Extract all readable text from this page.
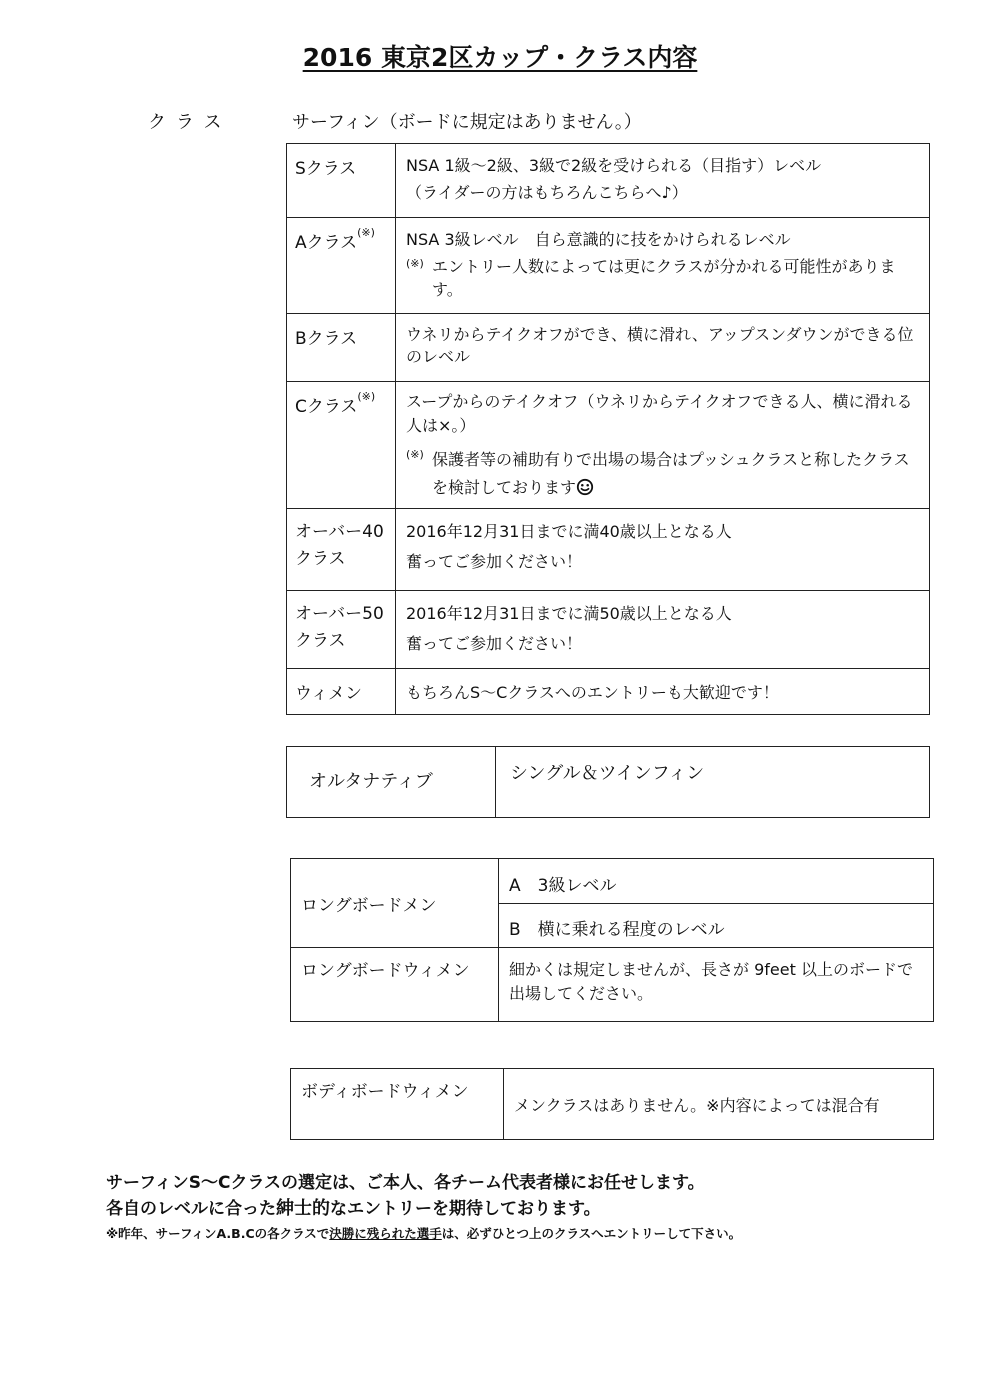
2016 東京2区カップ・クラス内容
クラス	サーフィン（ボードに規定はありません。）
Sクラス	NSA 1級～2級、3級で2級を受けられる（目指す）レベル
（ライダーの方はもちろんこちらへ♪）

Aクラス(※)	NSA 3級レベル　自ら意識的に技をかけられるレベル
(※) エントリー人数によっては更にクラスが分かれる可能性があります。

Bクラス	ウネリからテイクオフができ、横に滑れ、アップスンダウンができる位のレベル

Cクラス(※)	スープからのテイクオフ（ウネリからテイクオフできる人、横に滑れる人は×。）
(※) 保護者等の補助有りで出場の場合はプッシュクラスと称したクラスを検討しております

オーバー40クラス	2016年12月31日までに満40歳以上となる人
奮ってご参加ください！

オーバー50クラス	2016年12月31日までに満50歳以上となる人
奮ってご参加ください！

ウィメン	もちろんS～Cクラスへのエントリーも大歓迎です！
オルタナティブ	シングル＆ツインフィン
ロングボードメン	A　3級レベル
	B　横に乗れる程度のレベル
ロングボードウィメン	細かくは規定しませんが、長さが 9feet 以上のボードで出場してください。
ボディボードウィメン	メンクラスはありません。※内容によっては混合有
サーフィンS～Cクラスの選定は、ご本人、各チーム代表者様にお任せします。
各自のレベルに合った紳士的なエントリーを期待しております。
※昨年、サーフィンA.B.Cの各クラスで決勝に残られた選手は、必ずひとつ上のクラスへエントリーして下さい。
